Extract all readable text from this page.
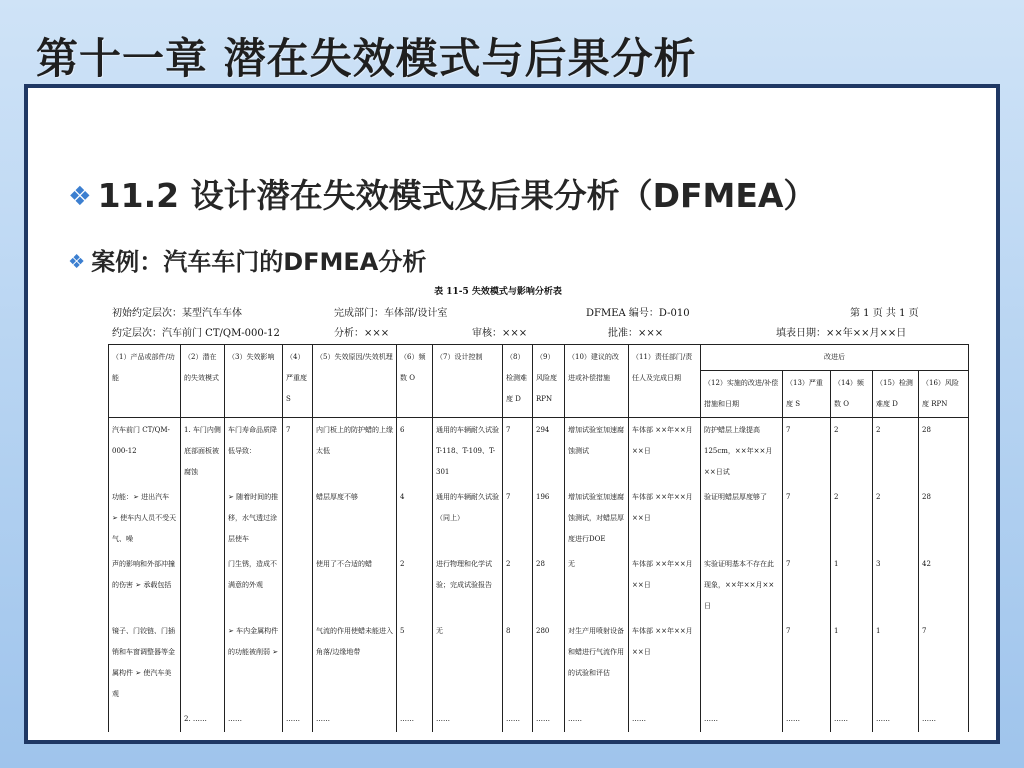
第十一章 潜在失效模式与后果分析
❖ 11.2 设计潜在失效模式及后果分析（DFMEA）
❖ 案例：汽车车门的DFMEA分析
表 11-5 失效模式与影响分析表
初始约定层次：某型汽车车体	完成部门：车体部/设计室	DFMEA 编号：D-010	第 1 页 共 1 页
约定层次：汽车前门 CT/QM-000-12	分析：×××	审核：×××	批准：×××	填表日期：××年××月××日
（1）产品或部件/功能	（2）潜在的失效模式	（3）失效影响	（4）严重度 S	（5）失效原因/失效机理	（6）频数 O	（7）设计控制	（8）检测难度 D	（9）风险度 RPN	（10）建议的改进或补偿措施	（11）责任部门/责任人及完成日期	改进后				
											（12）实施的改进/补偿措施和日期	（13）严重度 S	（14）频数 O	（15）检测难度 D	（16）风险度 RPN
汽车前门 CT/QM-000-12	1. 车门内侧底部面板被腐蚀	车门寿命品质降低导致：	7	内门板上的防护蜡的上缘太低	6	通用的车辆耐久试验 T-118、T-109、T-301	7	294	增加试验室加速腐蚀测试	车体部 ××年××月××日	防护蜡层上缘提高125cm，××年××月××日试	7	2	2	28
功能：➢ 进出汽车 ➢ 使车内人员不受天气、噪		➢ 随着时间的推移，水气透过涂层使车		蜡层厚度不够	4	通用的车辆耐久试验（同上）	7	196	增加试验室加速腐蚀测试，对蜡层厚度进行DOE	车体部 ××年××月××日	验证明蜡层厚度够了	7	2	2	28
声的影响和外部冲撞的伤害 ➢ 承载包括		门生锈，造成不满意的外观		使用了不合适的蜡	2	进行物理和化学试验；完成试验报告	2	28	无	车体部 ××年××月××日	实验证明基本不存在此现象，××年××月××日	7	1	3	42
镜子、门铰链、门插销和车窗调整器等金属构件 ➢ 使汽车美观		➢ 车内金属构件的功能被削弱 ➢		气流的作用使蜡未能进入角落/边缘地带	5	无	8	280	对生产用喷射设备和蜡进行气流作用的试验和评估	车体部 ××年××月××日		7	1	1	7
	2. ……	……	……	……	……	……	……	……	……	……	……	……	……	……	……
